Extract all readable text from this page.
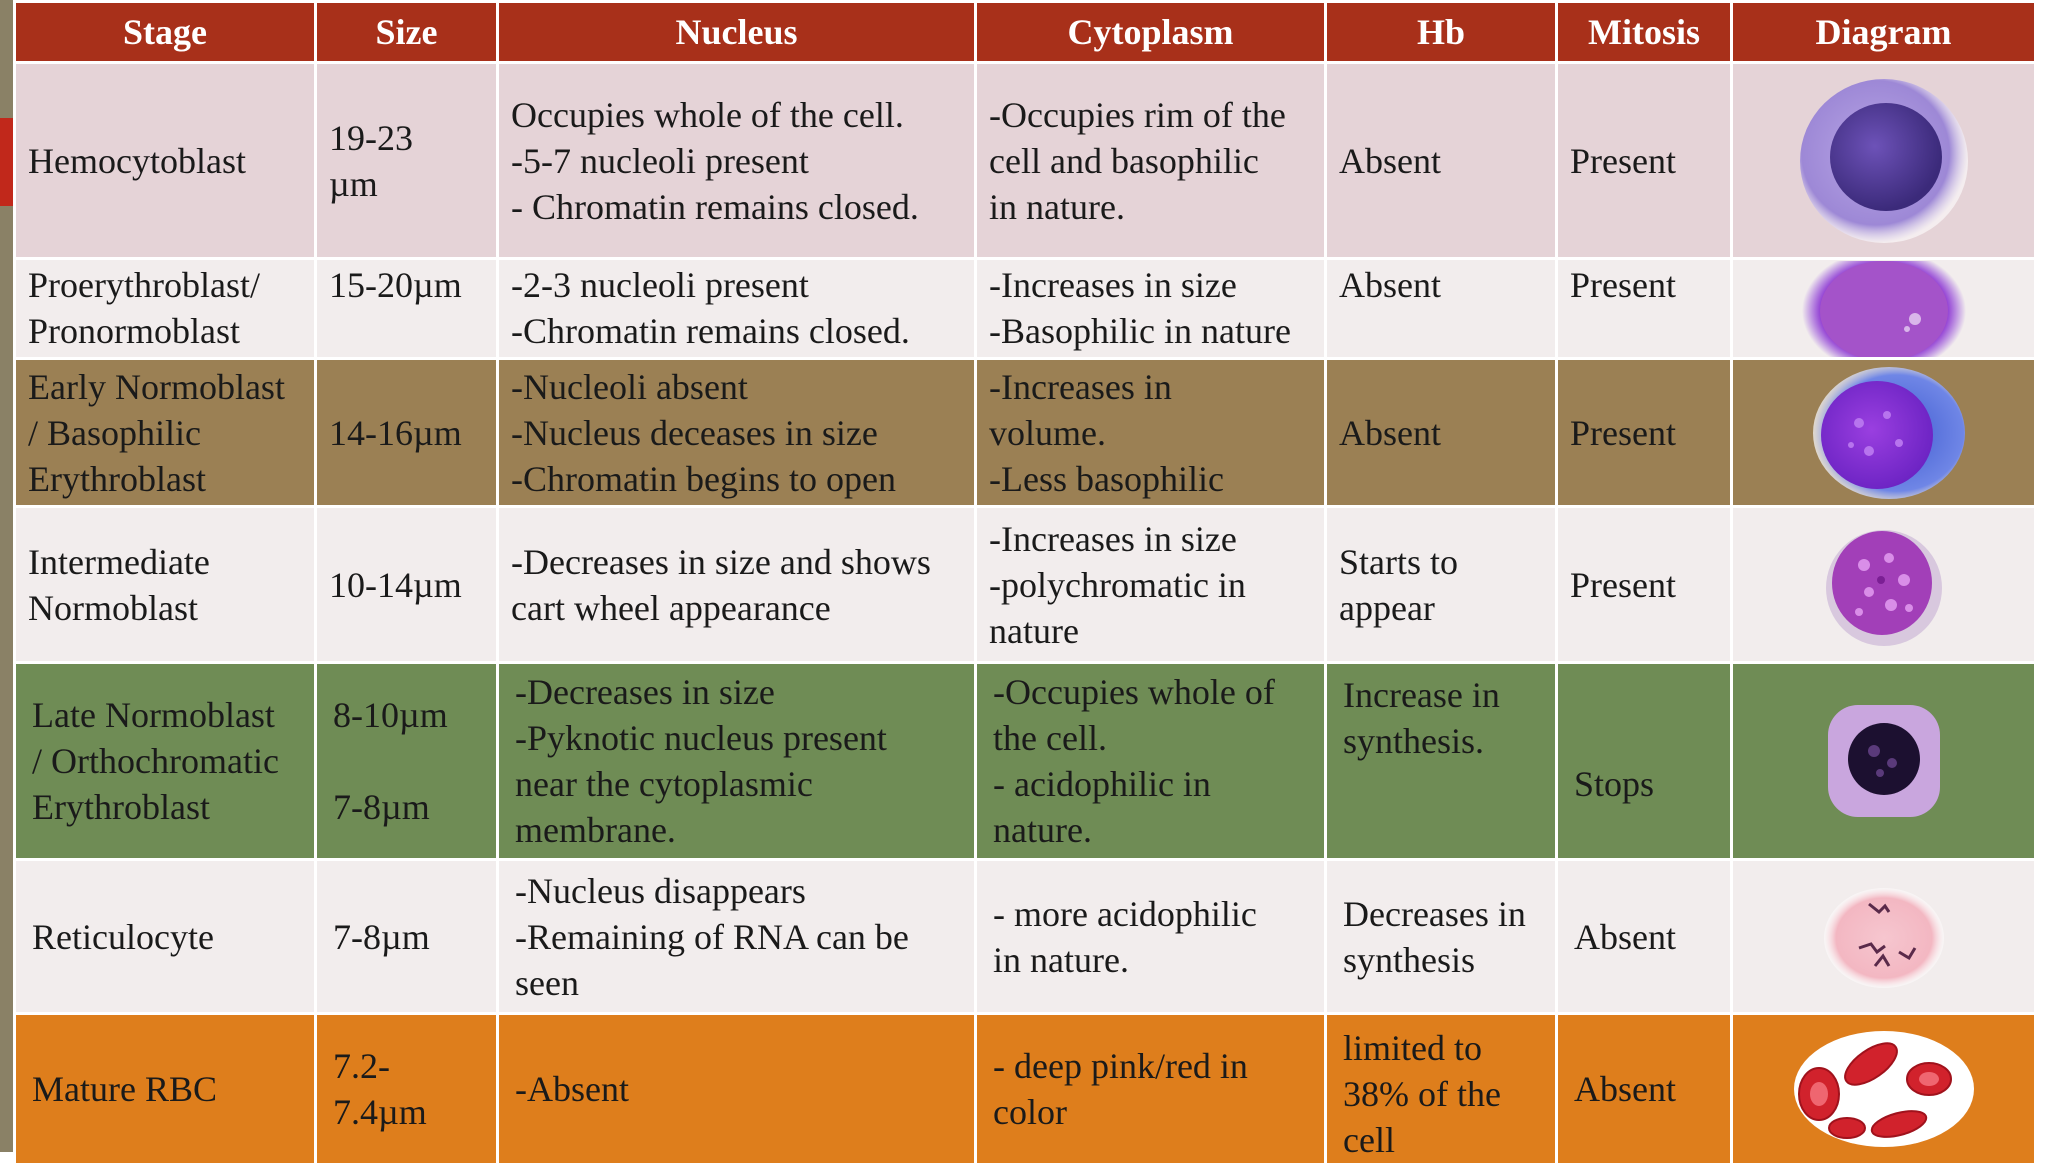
Stage	Size	Nucleus	Cytoplasm	Hb	Mitosis	Diagram

Hemocytoblast	19-23
µm	Occupies whole of the cell.
-5-7 nucleoli present
- Chromatin remains closed.	-Occupies rim of the
cell and basophilic
in nature.	Absent	Present

Proerythroblast/
Pronormoblast	15-20µm	-2-3 nucleoli present
-Chromatin remains closed.	-Increases in size
-Basophilic in nature	Absent	Present

Early Normoblast
/ Basophilic
Erythroblast	14-16µm	-Nucleoli absent
-Nucleus deceases in size
-Chromatin begins to open	-Increases in
volume.
-Less basophilic	Absent	Present

Intermediate
Normoblast	10-14µm	-Decreases in size and shows
cart wheel appearance	-Increases in size
-polychromatic in
nature	Starts to
appear	Present

Late Normoblast
/ Orthochromatic
Erythroblast	8-10µm
7-8µm	-Decreases in size
-Pyknotic nucleus present
near the cytoplasmic
membrane.	-Occupies whole of
the cell.
- acidophilic in
nature.	Increase in
synthesis.	Stops

Reticulocyte	7-8µm	-Nucleus disappears
-Remaining of RNA can be
seen	- more acidophilic
in nature.	Decreases in
synthesis	Absent

Mature RBC	7.2-
7.4µm	-Absent	- deep pink/red in
color	limited to
38% of the
cell	Absent
